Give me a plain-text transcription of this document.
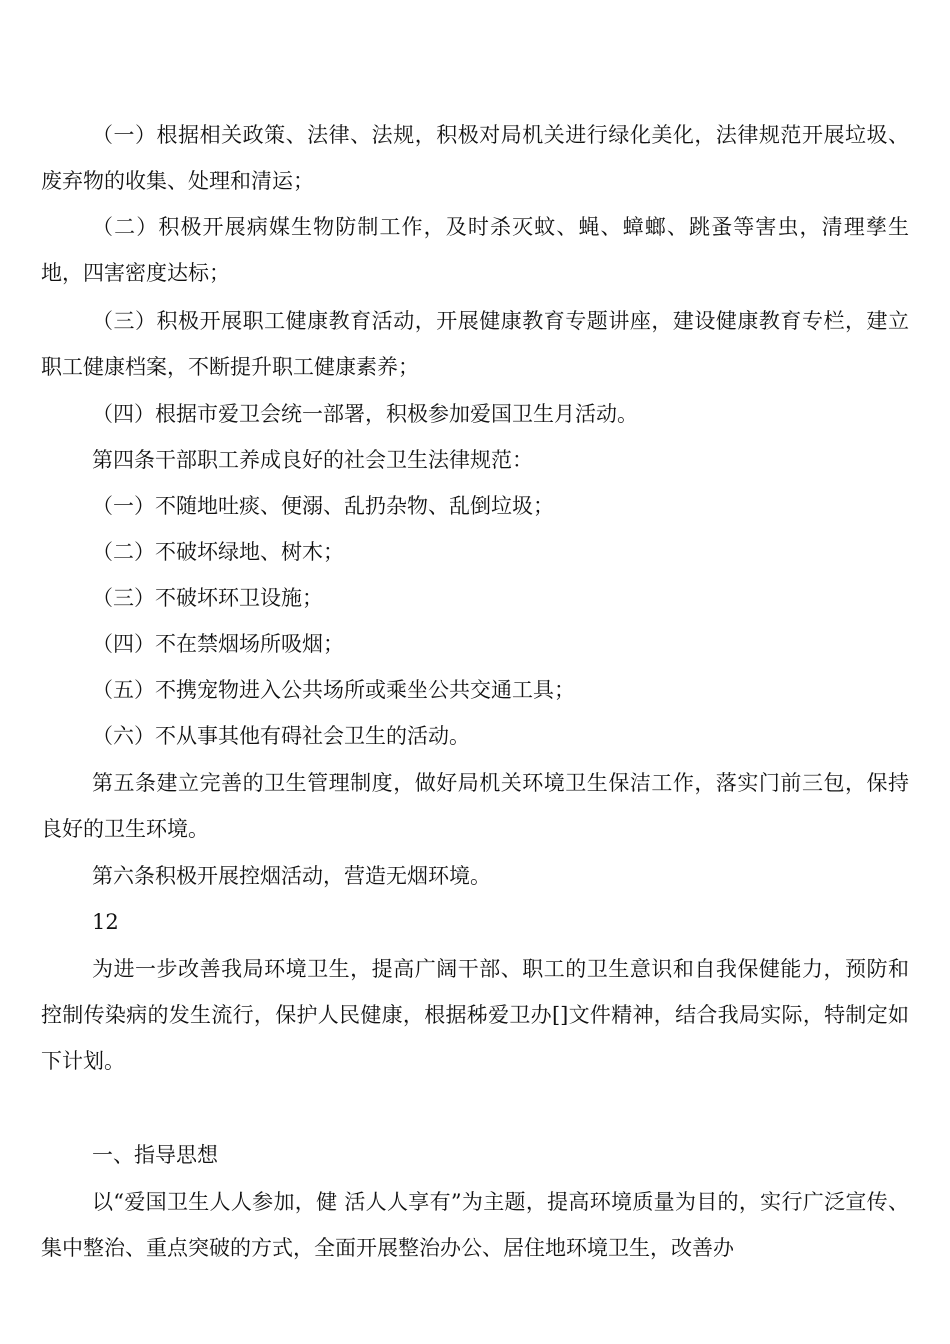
（一）根据相关政策、法律、法规，积极对局机关进行绿化美化，法律规范开展垃圾、废弃物的收集、处理和清运；

（二）积极开展病媒生物防制工作，及时杀灭蚊、蝇、蟑螂、跳蚤等害虫，清理孳生地，四害密度达标；

（三）积极开展职工健康教育活动，开展健康教育专题讲座，建设健康教育专栏，建立职工健康档案，不断提升职工健康素养；

（四）根据市爱卫会统一部署，积极参加爱国卫生月活动。

第四条干部职工养成良好的社会卫生法律规范：

（一）不随地吐痰、便溺、乱扔杂物、乱倒垃圾；

（二）不破坏绿地、树木；

（三）不破坏环卫设施；

（四）不在禁烟场所吸烟；

（五）不携宠物进入公共场所或乘坐公共交通工具；

（六）不从事其他有碍社会卫生的活动。

第五条建立完善的卫生管理制度，做好局机关环境卫生保洁工作，落实门前三包，保持良好的卫生环境。

第六条积极开展控烟活动，营造无烟环境。

12

为进一步改善我局环境卫生，提高广阔干部、职工的卫生意识和自我保健能力，预防和控制传染病的发生流行，保护人民健康，根据秭爱卫办[]文件精神，结合我局实际，特制定如下计划。

一、指导思想

以“爱国卫生人人参加，健 活人人享有”为主题，提高环境质量为目的，实行广泛宣传、集中整治、重点突破的方式，全面开展整治办公、居住地环境卫生，改善办
